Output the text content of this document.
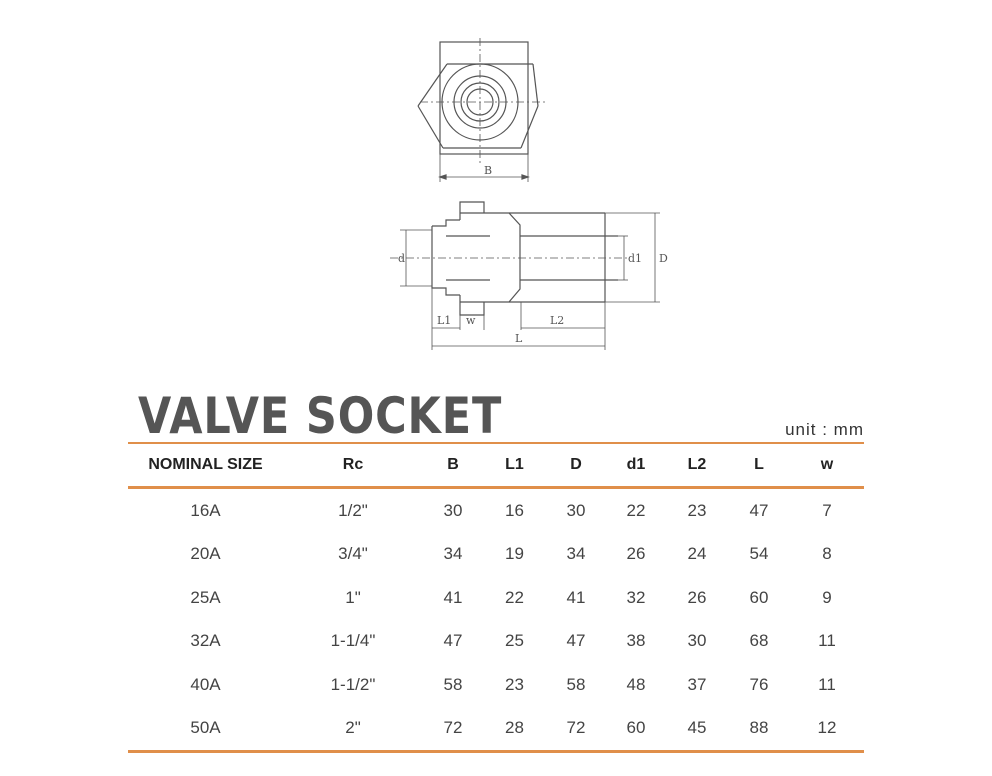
B
d	d1 D
L1 w	L2
L
VALVE SOCKET	unit : mm
NOMINAL SIZE	Rc	B	L1	D	d1	L2	L	w
16A	1/2"	30	16	30	22	23	47	7
20A	3/4"	34	19	34	26	24	54	8
25A	1"	41	22	41	32	26	60	9
32A	1-1/4"	47	25	47	38	30	68	11
40A	1-1/2"	58	23	58	48	37	76	11
50A	2"	72	28	72	60	45	88	12
